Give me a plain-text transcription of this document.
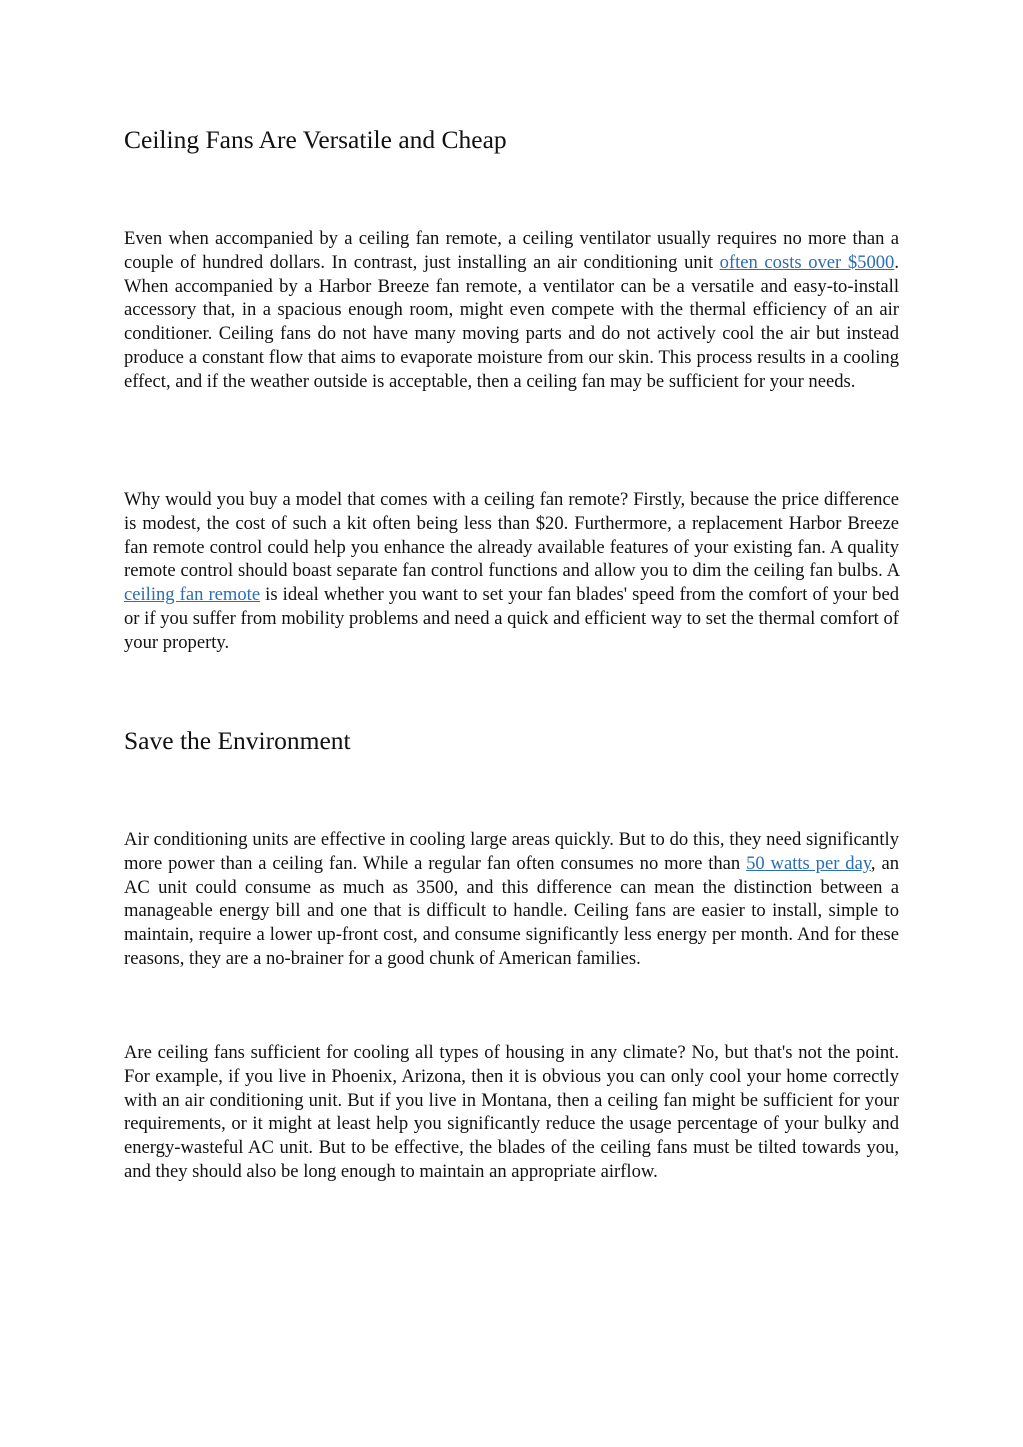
Ceiling Fans Are Versatile and Cheap

Even when accompanied by a ceiling fan remote, a ceiling ventilator usually requires no more than a couple of hundred dollars. In contrast, just installing an air conditioning unit often costs over $5000. When accompanied by a Harbor Breeze fan remote, a ventilator can be a versatile and easy-to-install accessory that, in a spacious enough room, might even compete with the thermal efficiency of an air conditioner. Ceiling fans do not have many moving parts and do not actively cool the air but instead produce a constant flow that aims to evaporate moisture from our skin. This process results in a cooling effect, and if the weather outside is acceptable, then a ceiling fan may be sufficient for your needs.

Why would you buy a model that comes with a ceiling fan remote? Firstly, because the price difference is modest, the cost of such a kit often being less than $20. Furthermore, a replacement Harbor Breeze fan remote control could help you enhance the already available features of your existing fan. A quality remote control should boast separate fan control functions and allow you to dim the ceiling fan bulbs. A ceiling fan remote is ideal whether you want to set your fan blades' speed from the comfort of your bed or if you suffer from mobility problems and need a quick and efficient way to set the thermal comfort of your property.

Save the Environment

Air conditioning units are effective in cooling large areas quickly. But to do this, they need significantly more power than a ceiling fan. While a regular fan often consumes no more than 50 watts per day, an AC unit could consume as much as 3500, and this difference can mean the distinction between a manageable energy bill and one that is difficult to handle. Ceiling fans are easier to install, simple to maintain, require a lower up-front cost, and consume significantly less energy per month. And for these reasons, they are a no-brainer for a good chunk of American families.

Are ceiling fans sufficient for cooling all types of housing in any climate? No, but that's not the point. For example, if you live in Phoenix, Arizona, then it is obvious you can only cool your home correctly with an air conditioning unit. But if you live in Montana, then a ceiling fan might be sufficient for your requirements, or it might at least help you significantly reduce the usage percentage of your bulky and energy-wasteful AC unit. But to be effective, the blades of the ceiling fans must be tilted towards you, and they should also be long enough to maintain an appropriate airflow.
